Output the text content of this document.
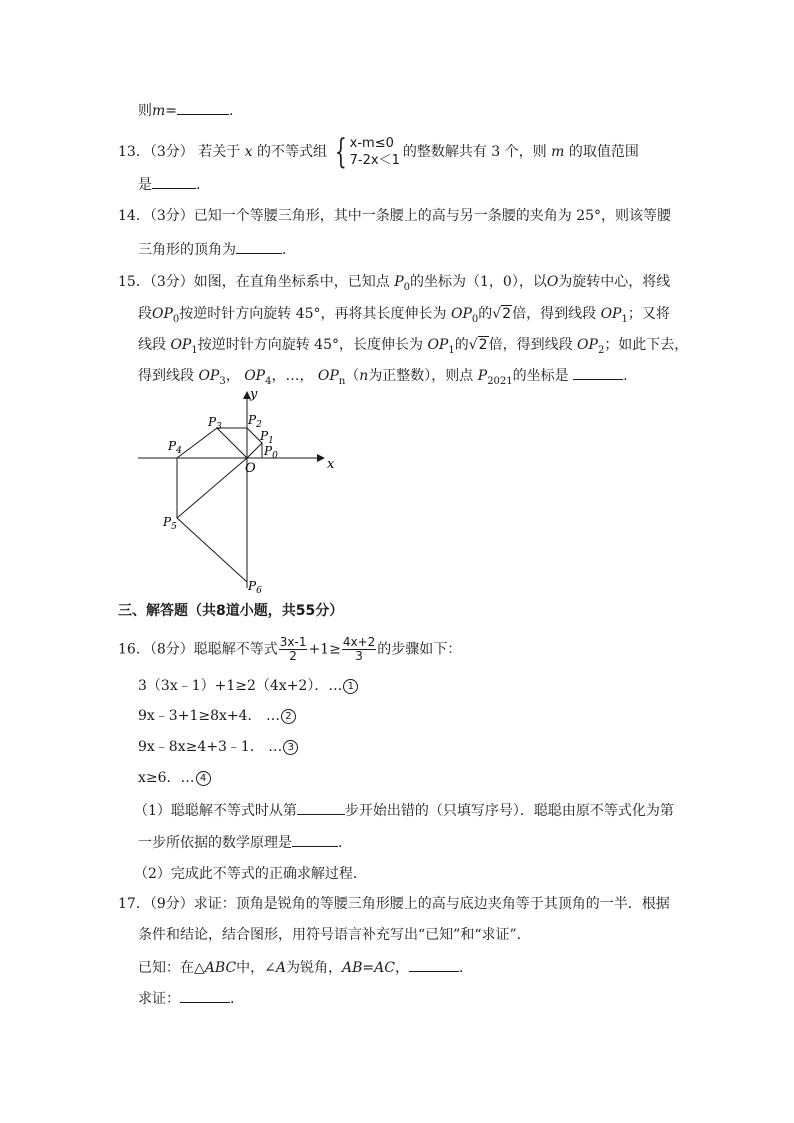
则m=	.
13．（3分） 若关于 x 的不等式组 { x-m≤0
7-2x＜1
的整数解共有 3 个，则 m 的取值范围
是	.
14．（3分）已知一个等腰三角形，其中一条腰上的高与另一条腰的夹角为 25°，则该等腰
三角形的顶角为	.
15．（3分）如图，在直角坐标系中，已知点 $P_0$的坐标为（1，0），以O为旋转中心，将线
段$OP_0$按逆时针方向旋转 45°，再将其长度伸长为 $OP_0$的√2倍，得到线段 $OP_1$；又将
线段 $OP_1$按逆时针方向旋转 45°，长度伸长为 $OP_1$的√2倍，得到线段 $OP_2$；如此下去，
得到线段 $OP_3$， $OP_4$，…， $OP_n(n$为正整数），则点 $P_{2021}$的坐标是	.
x
y
O
$P_0$
$P_1$
$P_2$
$P_3$
$P_4$
$P_5$
$P_6$
三、解答题（共8道小题，共55分）
16．（8分）聪聪解不等式 $\frac{3x-1}{2} +1\ge \frac{4x+2}{3}$ 的步骤如下：
3（3x﹣1）+1≥2（4x+2）．… 1
9x﹣3+1≥8x+4． … 2
9x﹣8x≥4+3﹣1． … 3
x≥6．… 4
（1）聪聪解不等式时从第	步开始出错的（只填写序号）．聪聪由原不等式化为第
一步所依据的数学原理是	.
（2）完成此不等式的正确求解过程．
17．（9分）求证：顶角是锐角的等腰三角形腰上的高与底边夹角等于其顶角的一半．根据
条件和结论，结合图形，用符号语言补充写出“已知”和“求证”.
已知：在△ABC中，∠A为锐角，AB=AC，	.
求证：	.
